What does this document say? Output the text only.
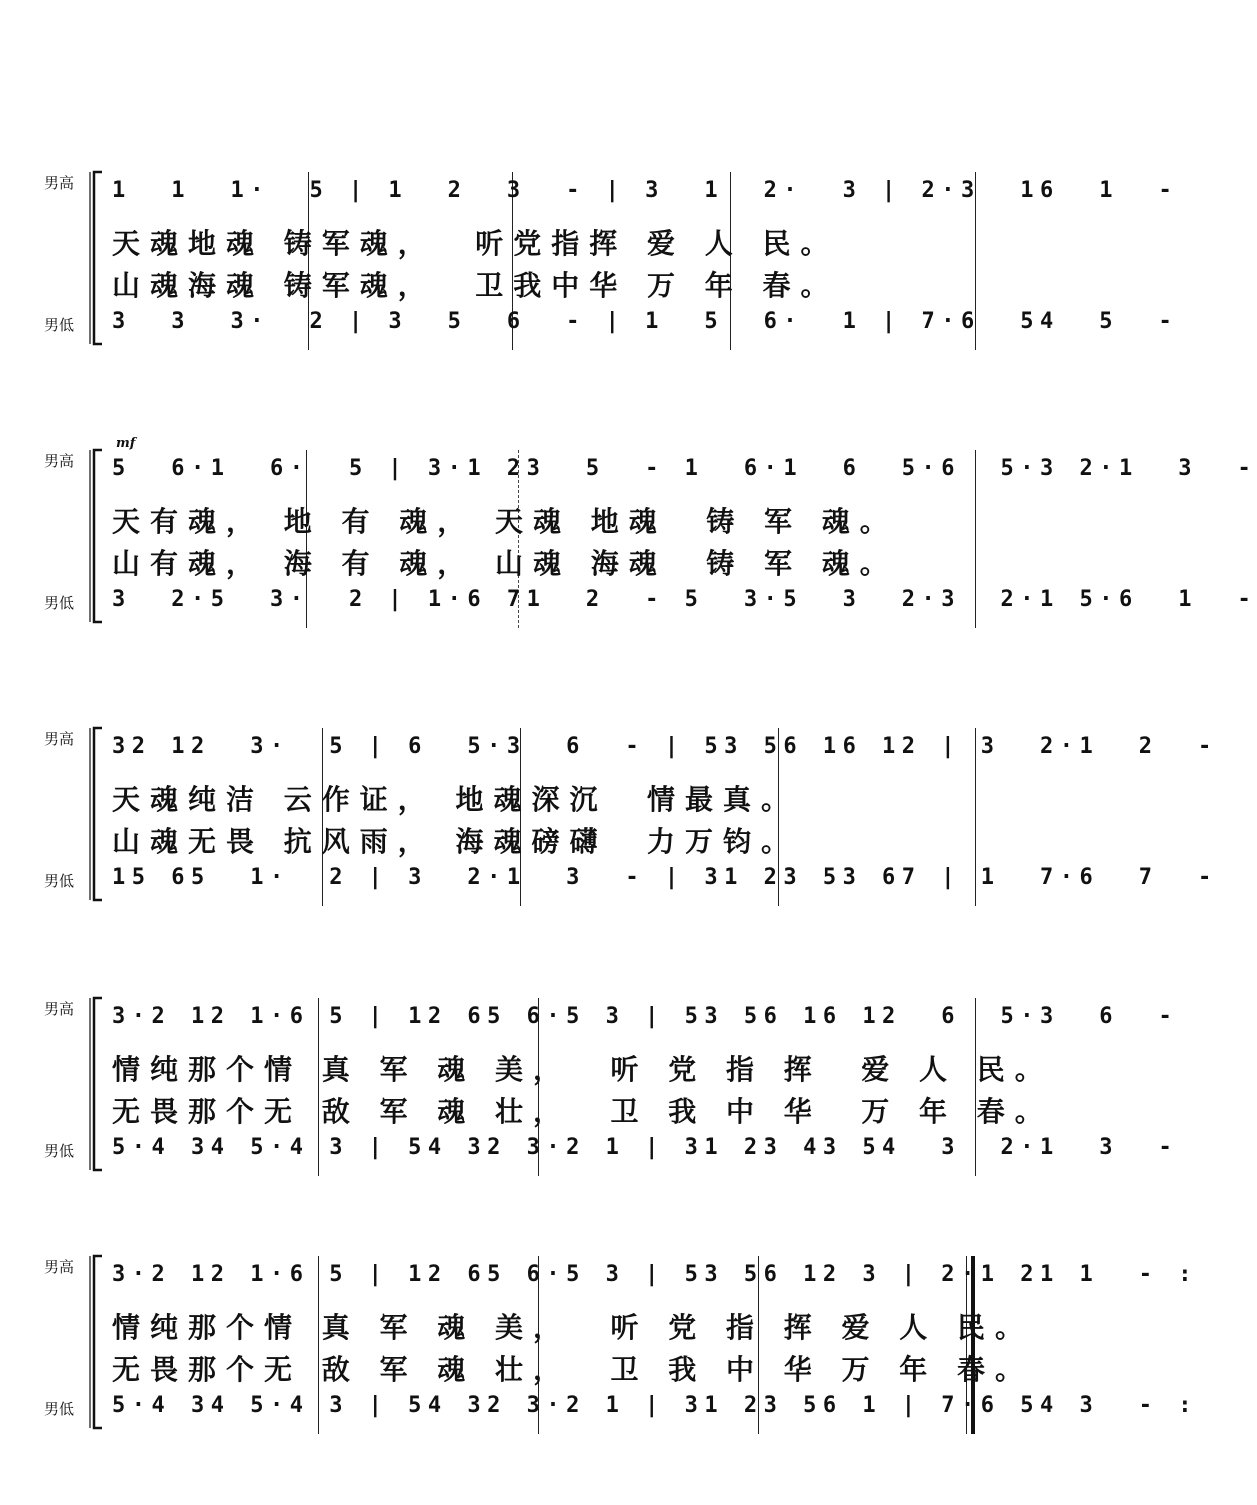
男高
男低
1  1  1·  5 | 1  2  3  - | 3  1  2·  3 | 2·3  16  1  -
天魂地魂 铸军魂，  听党指挥 爱 人 民。
山魂海魂 铸军魂，  卫我中华 万 年 春。
3  3  3·  2 | 3  5  6  - | 1  5  6·  1 | 7·6  54  5  -
mf
男高
男低
5  6·1  6·  5 | 3·1 23  5  - 1  6·1  6  5·6  5·3 2·1  3  -
天有魂， 地 有 魂， 天魂 地魂  铸 军 魂。
山有魂， 海 有 魂， 山魂 海魂  铸 军 魂。
3  2·5  3·  2 | 1·6 71  2  - 5  3·5  3  2·3  2·1 5·6  1  -
男高
男低
32 12  3·  5 | 6  5·3  6  - | 53 56 16 12 | 3  2·1  2  -
天魂纯洁 云作证， 地魂深沉  情最真。
山魂无畏 抗风雨， 海魂磅礴  力万钧。
15 65  1·  2 | 3  2·1  3  - | 31 23 53 67 | 1  7·6  7  -
男高
男低
3·2 12 1·6 5 | 12 65 6·5 3 | 53 56 16 12  6  5·3  6  -
情纯那个情 真 军 魂 美，  听 党 指 挥  爱 人 民。
无畏那个无 敌 军 魂 壮，  卫 我 中 华  万 年 春。
5·4 34 5·4 3 | 54 32 3·2 1 | 31 23 43 54  3  2·1  3  -
男高
男低
3·2 12 1·6 5 | 12 65 6·5 3 | 53 56 12 3 | 2·1 21 1  - :
情纯那个情 真 军 魂 美，  听 党 指 挥 爱 人 民。
无畏那个无 敌 军 魂 壮，  卫 我 中 华 万 年 春。
5·4 34 5·4 3 | 54 32 3·2 1 | 31 23 56 1 | 7·6 54 3  - :
